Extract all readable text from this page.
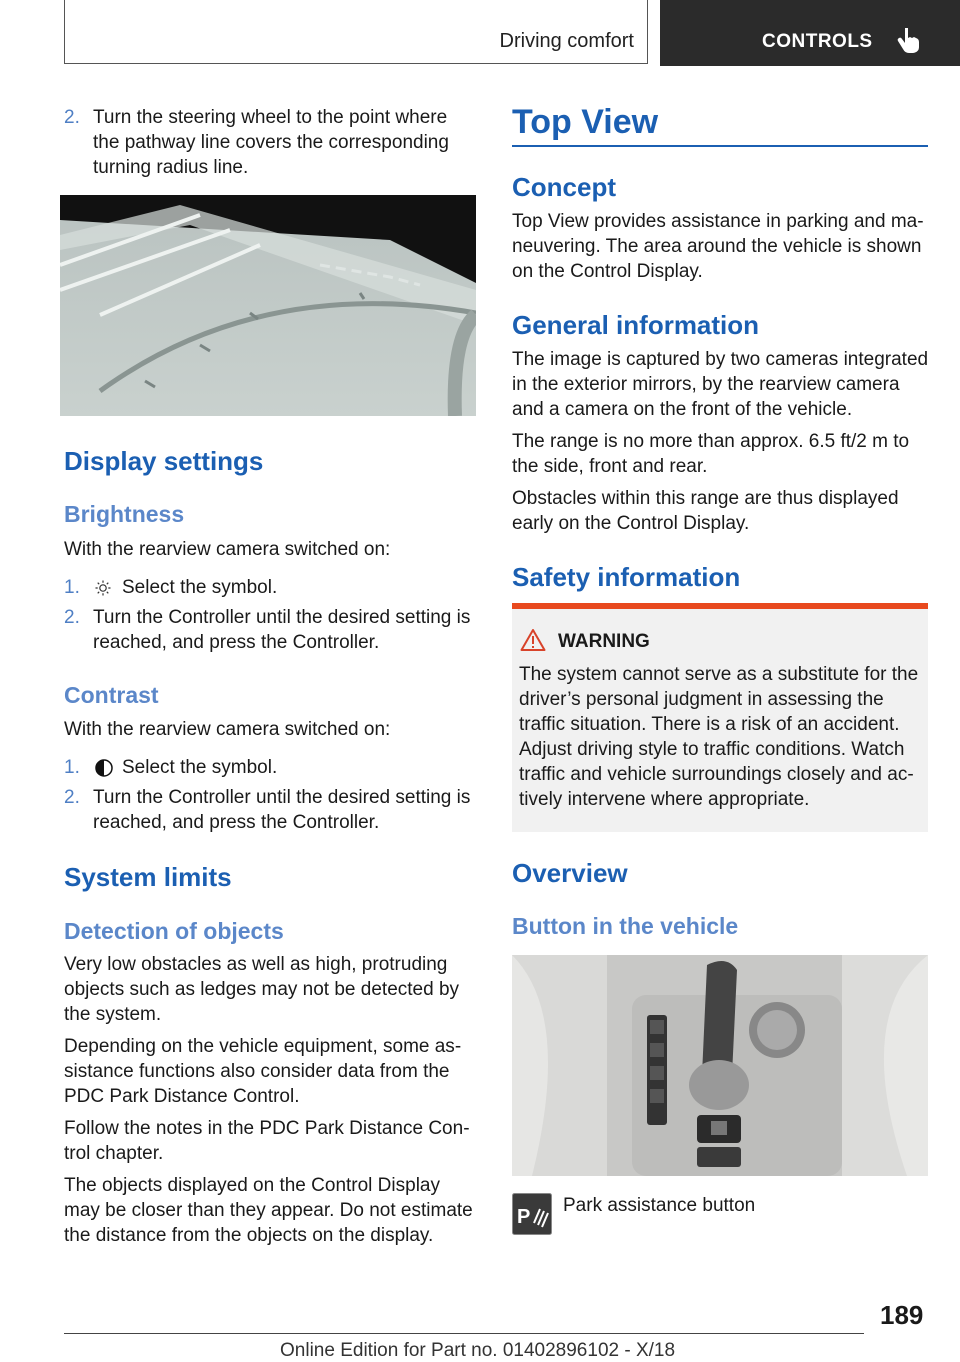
Driving comfort	CONTROLS
2. Turn the steering wheel to the point where the pathway line covers the corresponding turning radius line.
Display settings
Brightness

With the rearview camera switched on:

1. Select the symbol.
2. Turn the Controller until the desired setting is reached, and press the Controller.
Contrast

With the rearview camera switched on:

1. Select the symbol.
2. Turn the Controller until the desired setting is reached, and press the Controller.
System limits
Detection of objects

Very low obstacles as well as high, protruding objects such as ledges may not be detected by the system.

Depending on the vehicle equipment, some assistance functions also consider data from the PDC Park Distance Control.

Follow the notes in the PDC Park Distance Control chapter.

The objects displayed on the Control Display may be closer than they appear. Do not estimate the distance from the objects on the display.

Top View
Concept
Top View provides assistance in parking and maneuvering. The area around the vehicle is shown on the Control Display.
General information

The image is captured by two cameras integrated in the exterior mirrors, by the rearview camera and a camera on the front of the vehicle.

The range is no more than approx. 6.5 ft/2 m to the side, front and rear.

Obstacles within this range are thus displayed early on the Control Display.

Safety information
WARNING
The system cannot serve as a substitute for the driver’s personal judgment in assessing the traffic situation. There is a risk of an accident. Adjust driving style to traffic conditions. Watch traffic and vehicle surroundings closely and actively intervene where appropriate.
Overview
Button in the vehicle
P
Park assistance button
189
Online Edition for Part no. 01402896102 - X/18
